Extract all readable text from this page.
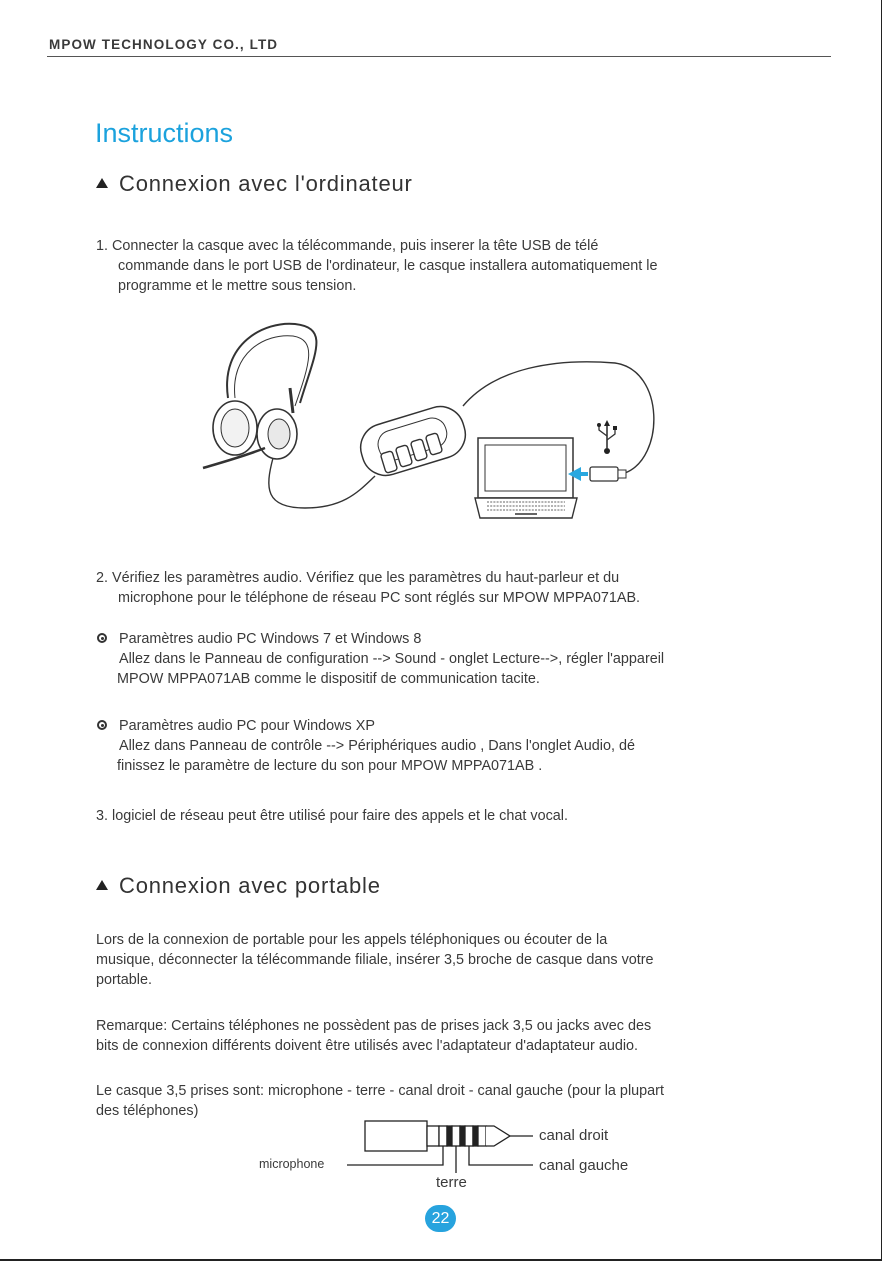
MPOW TECHNOLOGY CO., LTD
Instructions
Connexion avec l'ordinateur
1. Connecter la casque avec la télécommande, puis inserer la tête USB de télé
commande dans le port USB de l'ordinateur, le casque installera automatiquement le
programme et le mettre sous tension.
2. Vérifiez les paramètres audio. Vérifiez que les paramètres du haut-parleur et du
microphone pour le téléphone de réseau PC sont réglés sur MPOW MPPA071AB.
Paramètres audio PC Windows 7 et Windows 8
Allez dans le Panneau de configuration --> Sound - onglet Lecture-->, régler l'appareil
MPOW MPPA071AB comme le dispositif de communication tacite.
Paramètres audio PC pour Windows XP
Allez dans Panneau de contrôle --> Périphériques audio , Dans l'onglet Audio, dé
finissez le paramètre de lecture du son pour MPOW MPPA071AB .
3. logiciel de réseau peut être utilisé pour faire des appels et le chat vocal.
Connexion avec portable
Lors de la connexion de portable pour les appels téléphoniques ou écouter de la
musique, déconnecter la télécommande filiale, insérer 3,5 broche de casque dans votre
portable.
Remarque: Certains téléphones ne possèdent pas de prises jack 3,5 ou jacks avec des
bits de connexion différents doivent être utilisés avec l'adaptateur d'adaptateur audio.
Le casque 3,5 prises sont: microphone - terre - canal droit - canal gauche (pour la plupart
des téléphones)
canal droit
canal gauche
microphone
terre
22
